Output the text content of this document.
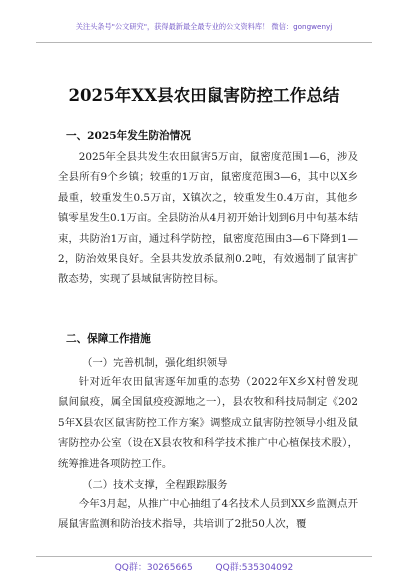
关注头条号"公文研究"，获得最新最全最专业的公文资料库！ 微信：gongwenyj
2025年XX县农田鼠害防控工作总结
一、2025年发生防治情况

2025年全县共发生农田鼠害5万亩，鼠密度范围1—6，涉及全县所有9个乡镇；较重的1万亩，鼠密度范围3—6，其中以X乡最重，较重发生0.5万亩，X镇次之，较重发生0.4万亩，其他乡镇零星发生0.1万亩。全县防治从4月初开始计划到6月中旬基本结束，共防治1万亩，通过科学防控，鼠密度范围由3—6下降到1—2，防治效果良好。全县共发放杀鼠剂0.2吨，有效遏制了鼠害扩散态势，实现了县域鼠害防控目标。

二、保障工作措施
（一）完善机制，强化组织领导

针对近年农田鼠害逐年加重的态势（2022年X乡X村曾发现鼠间鼠疫，属全国鼠疫疫源地之一），县农牧和科技局制定《2025年X县农区鼠害防控工作方案》调整成立鼠害防控领导小组及鼠害防控办公室（设在X县农牧和科学技术推广中心植保技术股），统筹推进各项防控工作。

（二）技术支撑，全程跟踪服务

今年3月起，从推广中心抽组了4名技术人员到XX乡监测点开展鼠害监测和防治技术指导，共培训了2批50人次，覆

QQ群：30265665	QQ群:535304092
